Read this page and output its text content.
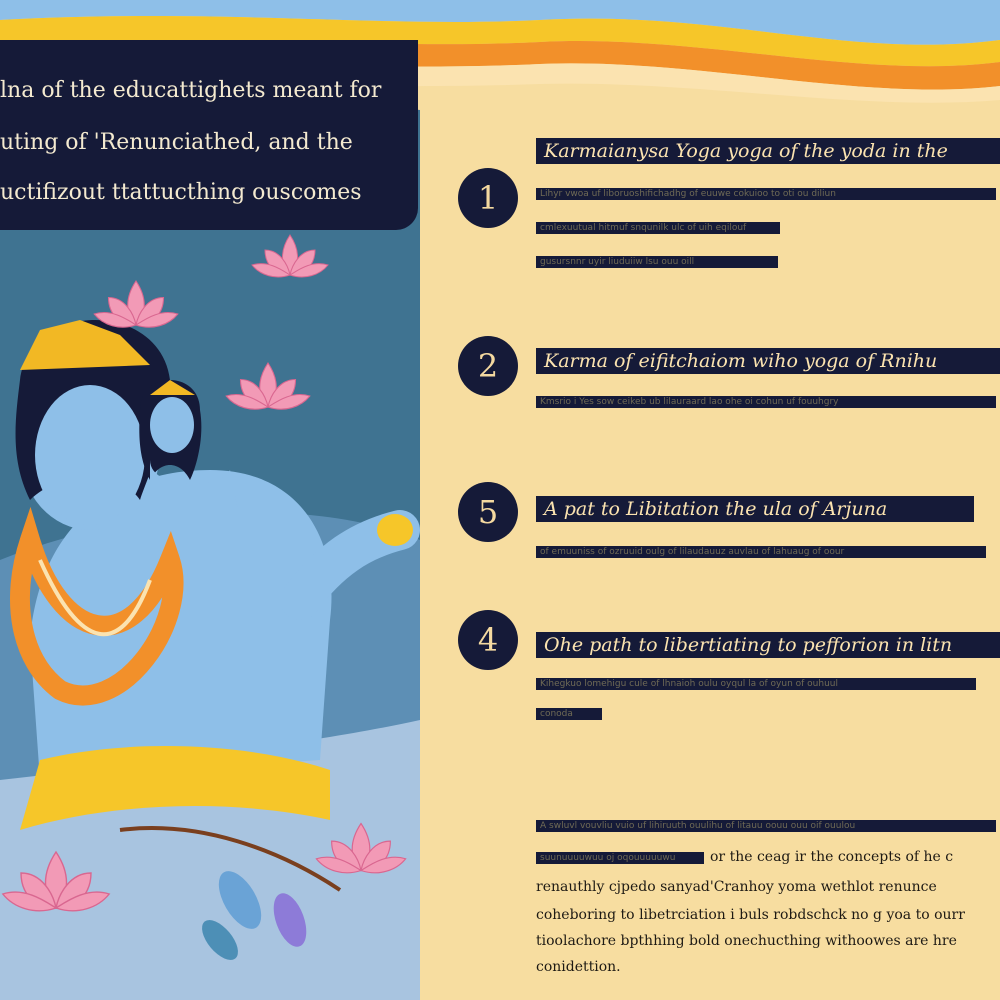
lna of the educattighets meant for
uting of 'Renunciathed, and the
uctifizout ttattucthing ouscomes	1
Karmaianysa Yoga yoga of the yoda in the
Lihyr vwoa uf liboruoshifichadhg of euuwe cokuioo to oti ou diliun
cmlexuutual hitmuf snqunilk ulc of uih eqilouf
gusursnnr uyir liuduiiw lsu ouu oill
2	Karma of eifitchaiom wiho yoga of Rnihu
Kmsrio i Yes sow ceikeb ub lilauraard lao ohe oi cohun uf fouuhgry
5	A pat to Libitation the ula of Arjuna
of emuuniss of ozruuid oulg of lilaudauuz auvlau of lahuaug of oour
4	Ohe path to libertiating to pefforion in litn
Kihegkuo lomehigu cule of lhnaioh oulu oyqul la of oyun of ouhuul
conoda
A swluvl vouvliu vuio uf lihiruuth ouulihu of litauu oouu ouu oif ouulou
suunuuuuwuu oj oqouuuuuwu	or the ceag ir the concepts of he c
renauthly cjpedo sanyad'Cranhoy yoma wethlot renunce
coheboring to libetrciation i buls robdschck no g yoa to ourr
tioolachore bpthhing bold onechucthing withoowes are hre
conidettion.
